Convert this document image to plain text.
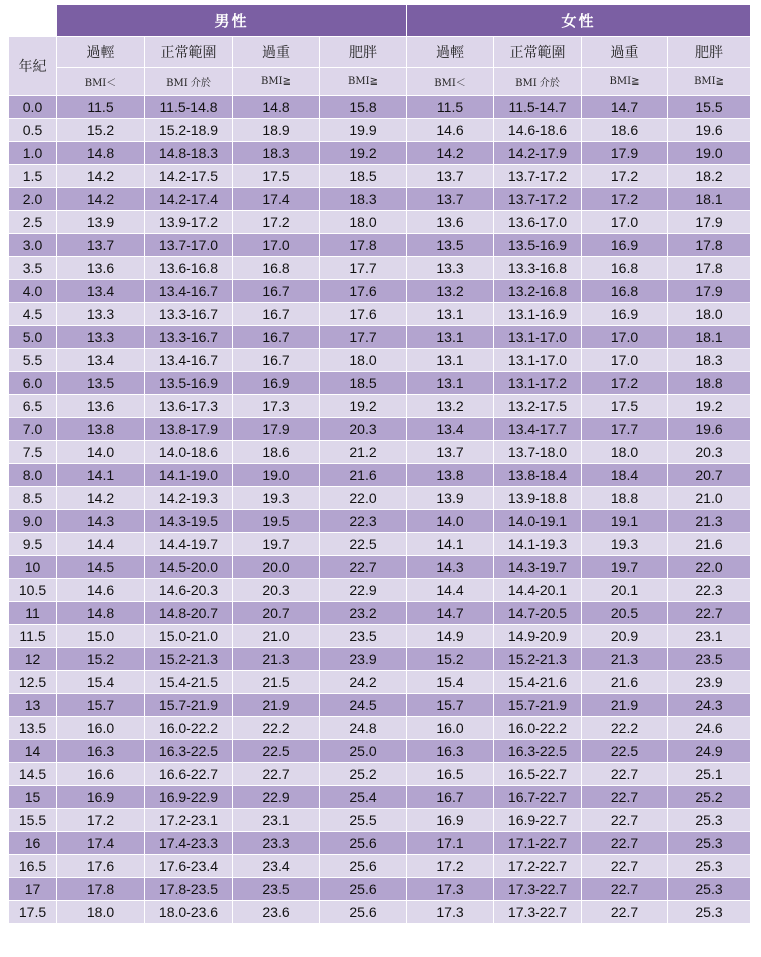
	男性				女性			
年紀	過輕	正常範圍	過重	肥胖	過輕	正常範圍	過重	肥胖
	BMI＜	BMI 介於	BMI≧	BMI≧	BMI＜	BMI 介於	BMI≧	BMI≧
0.0	11.5	11.5-14.8	14.8	15.8	11.5	11.5-14.7	14.7	15.5
0.5	15.2	15.2-18.9	18.9	19.9	14.6	14.6-18.6	18.6	19.6
1.0	14.8	14.8-18.3	18.3	19.2	14.2	14.2-17.9	17.9	19.0
1.5	14.2	14.2-17.5	17.5	18.5	13.7	13.7-17.2	17.2	18.2
2.0	14.2	14.2-17.4	17.4	18.3	13.7	13.7-17.2	17.2	18.1
2.5	13.9	13.9-17.2	17.2	18.0	13.6	13.6-17.0	17.0	17.9
3.0	13.7	13.7-17.0	17.0	17.8	13.5	13.5-16.9	16.9	17.8
3.5	13.6	13.6-16.8	16.8	17.7	13.3	13.3-16.8	16.8	17.8
4.0	13.4	13.4-16.7	16.7	17.6	13.2	13.2-16.8	16.8	17.9
4.5	13.3	13.3-16.7	16.7	17.6	13.1	13.1-16.9	16.9	18.0
5.0	13.3	13.3-16.7	16.7	17.7	13.1	13.1-17.0	17.0	18.1
5.5	13.4	13.4-16.7	16.7	18.0	13.1	13.1-17.0	17.0	18.3
6.0	13.5	13.5-16.9	16.9	18.5	13.1	13.1-17.2	17.2	18.8
6.5	13.6	13.6-17.3	17.3	19.2	13.2	13.2-17.5	17.5	19.2
7.0	13.8	13.8-17.9	17.9	20.3	13.4	13.4-17.7	17.7	19.6
7.5	14.0	14.0-18.6	18.6	21.2	13.7	13.7-18.0	18.0	20.3
8.0	14.1	14.1-19.0	19.0	21.6	13.8	13.8-18.4	18.4	20.7
8.5	14.2	14.2-19.3	19.3	22.0	13.9	13.9-18.8	18.8	21.0
9.0	14.3	14.3-19.5	19.5	22.3	14.0	14.0-19.1	19.1	21.3
9.5	14.4	14.4-19.7	19.7	22.5	14.1	14.1-19.3	19.3	21.6
10	14.5	14.5-20.0	20.0	22.7	14.3	14.3-19.7	19.7	22.0
10.5	14.6	14.6-20.3	20.3	22.9	14.4	14.4-20.1	20.1	22.3
11	14.8	14.8-20.7	20.7	23.2	14.7	14.7-20.5	20.5	22.7
11.5	15.0	15.0-21.0	21.0	23.5	14.9	14.9-20.9	20.9	23.1
12	15.2	15.2-21.3	21.3	23.9	15.2	15.2-21.3	21.3	23.5
12.5	15.4	15.4-21.5	21.5	24.2	15.4	15.4-21.6	21.6	23.9
13	15.7	15.7-21.9	21.9	24.5	15.7	15.7-21.9	21.9	24.3
13.5	16.0	16.0-22.2	22.2	24.8	16.0	16.0-22.2	22.2	24.6
14	16.3	16.3-22.5	22.5	25.0	16.3	16.3-22.5	22.5	24.9
14.5	16.6	16.6-22.7	22.7	25.2	16.5	16.5-22.7	22.7	25.1
15	16.9	16.9-22.9	22.9	25.4	16.7	16.7-22.7	22.7	25.2
15.5	17.2	17.2-23.1	23.1	25.5	16.9	16.9-22.7	22.7	25.3
16	17.4	17.4-23.3	23.3	25.6	17.1	17.1-22.7	22.7	25.3
16.5	17.6	17.6-23.4	23.4	25.6	17.2	17.2-22.7	22.7	25.3
17	17.8	17.8-23.5	23.5	25.6	17.3	17.3-22.7	22.7	25.3
17.5	18.0	18.0-23.6	23.6	25.6	17.3	17.3-22.7	22.7	25.3
